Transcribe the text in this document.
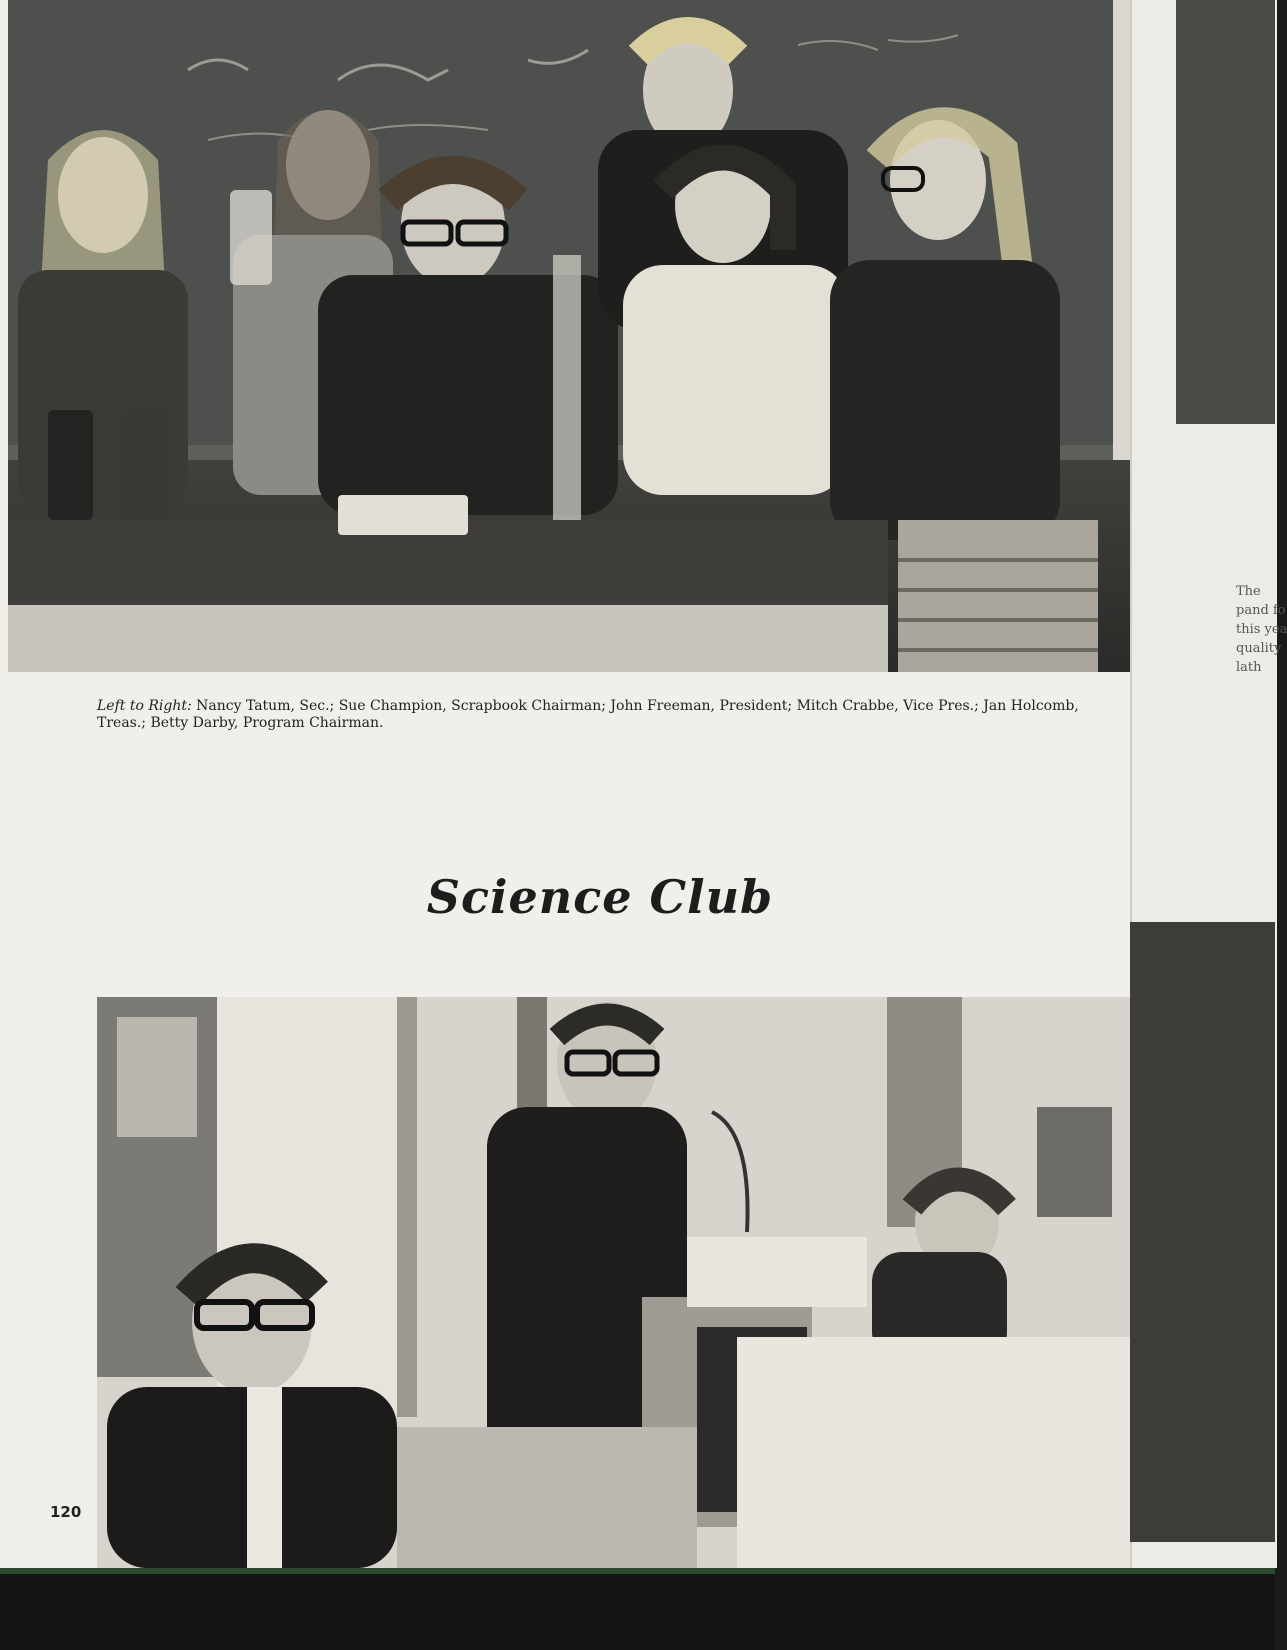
Left to Right: Nancy Tatum, Sec.; Sue Champion, Scrapbook Chairman; John Freeman, President; Mitch Crabbe, Vice Pres.; Jan Holcomb, Treas.; Betty Darby, Program Chairman.
Science Club
120
The
pand fo
this yea
quality
lath
